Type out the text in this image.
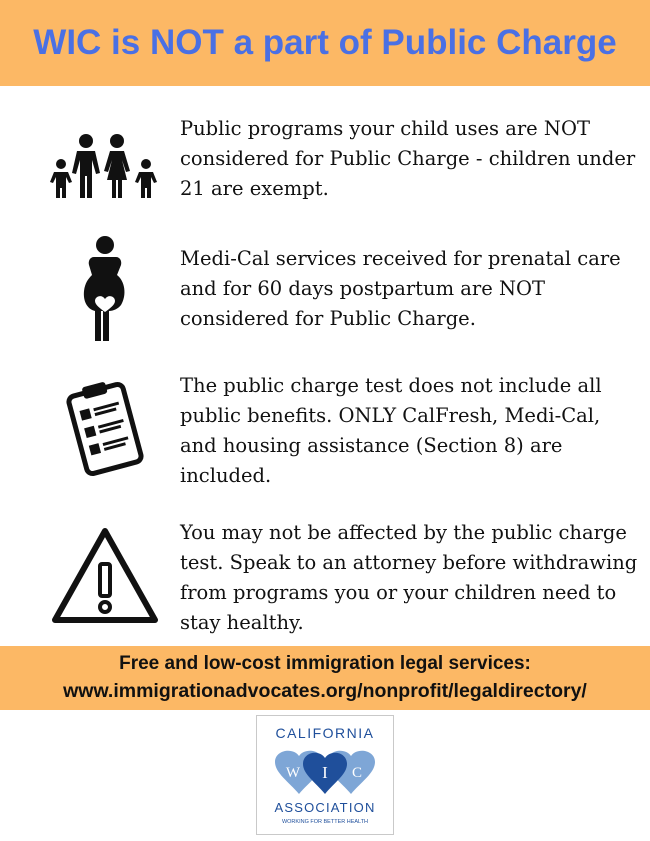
WIC is NOT a part of Public Charge
Public programs your child uses are NOT considered for Public Charge - children under 21 are exempt.
Medi-Cal services received for prenatal care and for 60 days postpartum are NOT considered for Public Charge.
The public charge test does not include all public benefits. ONLY CalFresh, Medi-Cal, and housing assistance (Section 8) are included.
You may not be affected by the public charge test. Speak to an attorney before withdrawing from programs you or your children need to stay healthy.
Free and low-cost immigration legal services:
www.immigrationadvocates.org/nonprofit/legaldirectory/
CALIFORNIA
W I C
ASSOCIATION
WORKING FOR BETTER HEALTH
